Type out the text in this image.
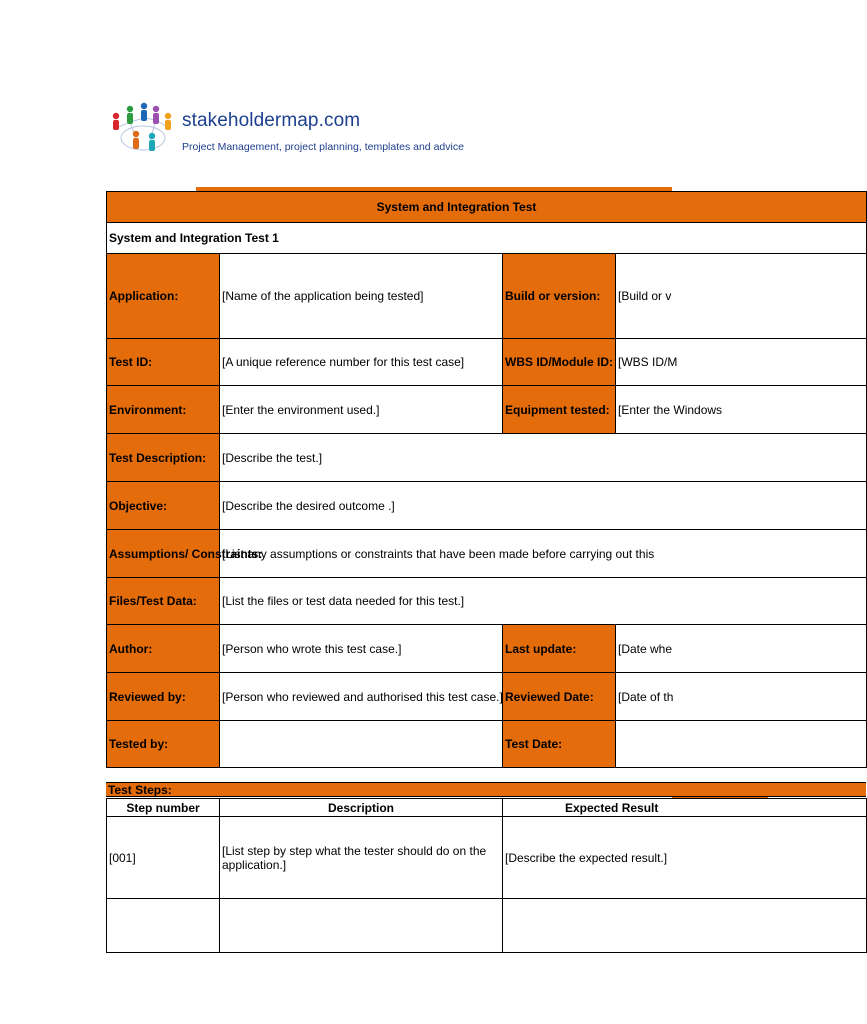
stakeholdermap.com
Project Management, project planning, templates and advice
System and Integration Test			
System and Integration Test 1			
Application:	[Name of the application being tested]	Build or version:	[Build or v
Test ID:	[A unique reference number for this test case]	WBS ID/Module ID:	[WBS ID/M
Environment:	[Enter the environment used.]	Equipment tested:	[Enter the Windows
Test Description:	[Describe the test.]		
Objective:	[Describe the desired outcome .]		
Assumptions/ Constraints:	[List any assumptions or constraints that have been made before carrying out this		
Files/Test Data:	[List the files or test data needed for this test.]		
Author:	[Person who wrote this test case.]	Last update:	[Date whe
Reviewed by:	[Person who reviewed and authorised this test case.]	Reviewed Date:	[Date of th
Tested by:		Test Date:	
Test Steps:
Step number	Description	Expected Result
[001]	[List step by step what the tester should do on the application.]	[Describe the expected result.]
